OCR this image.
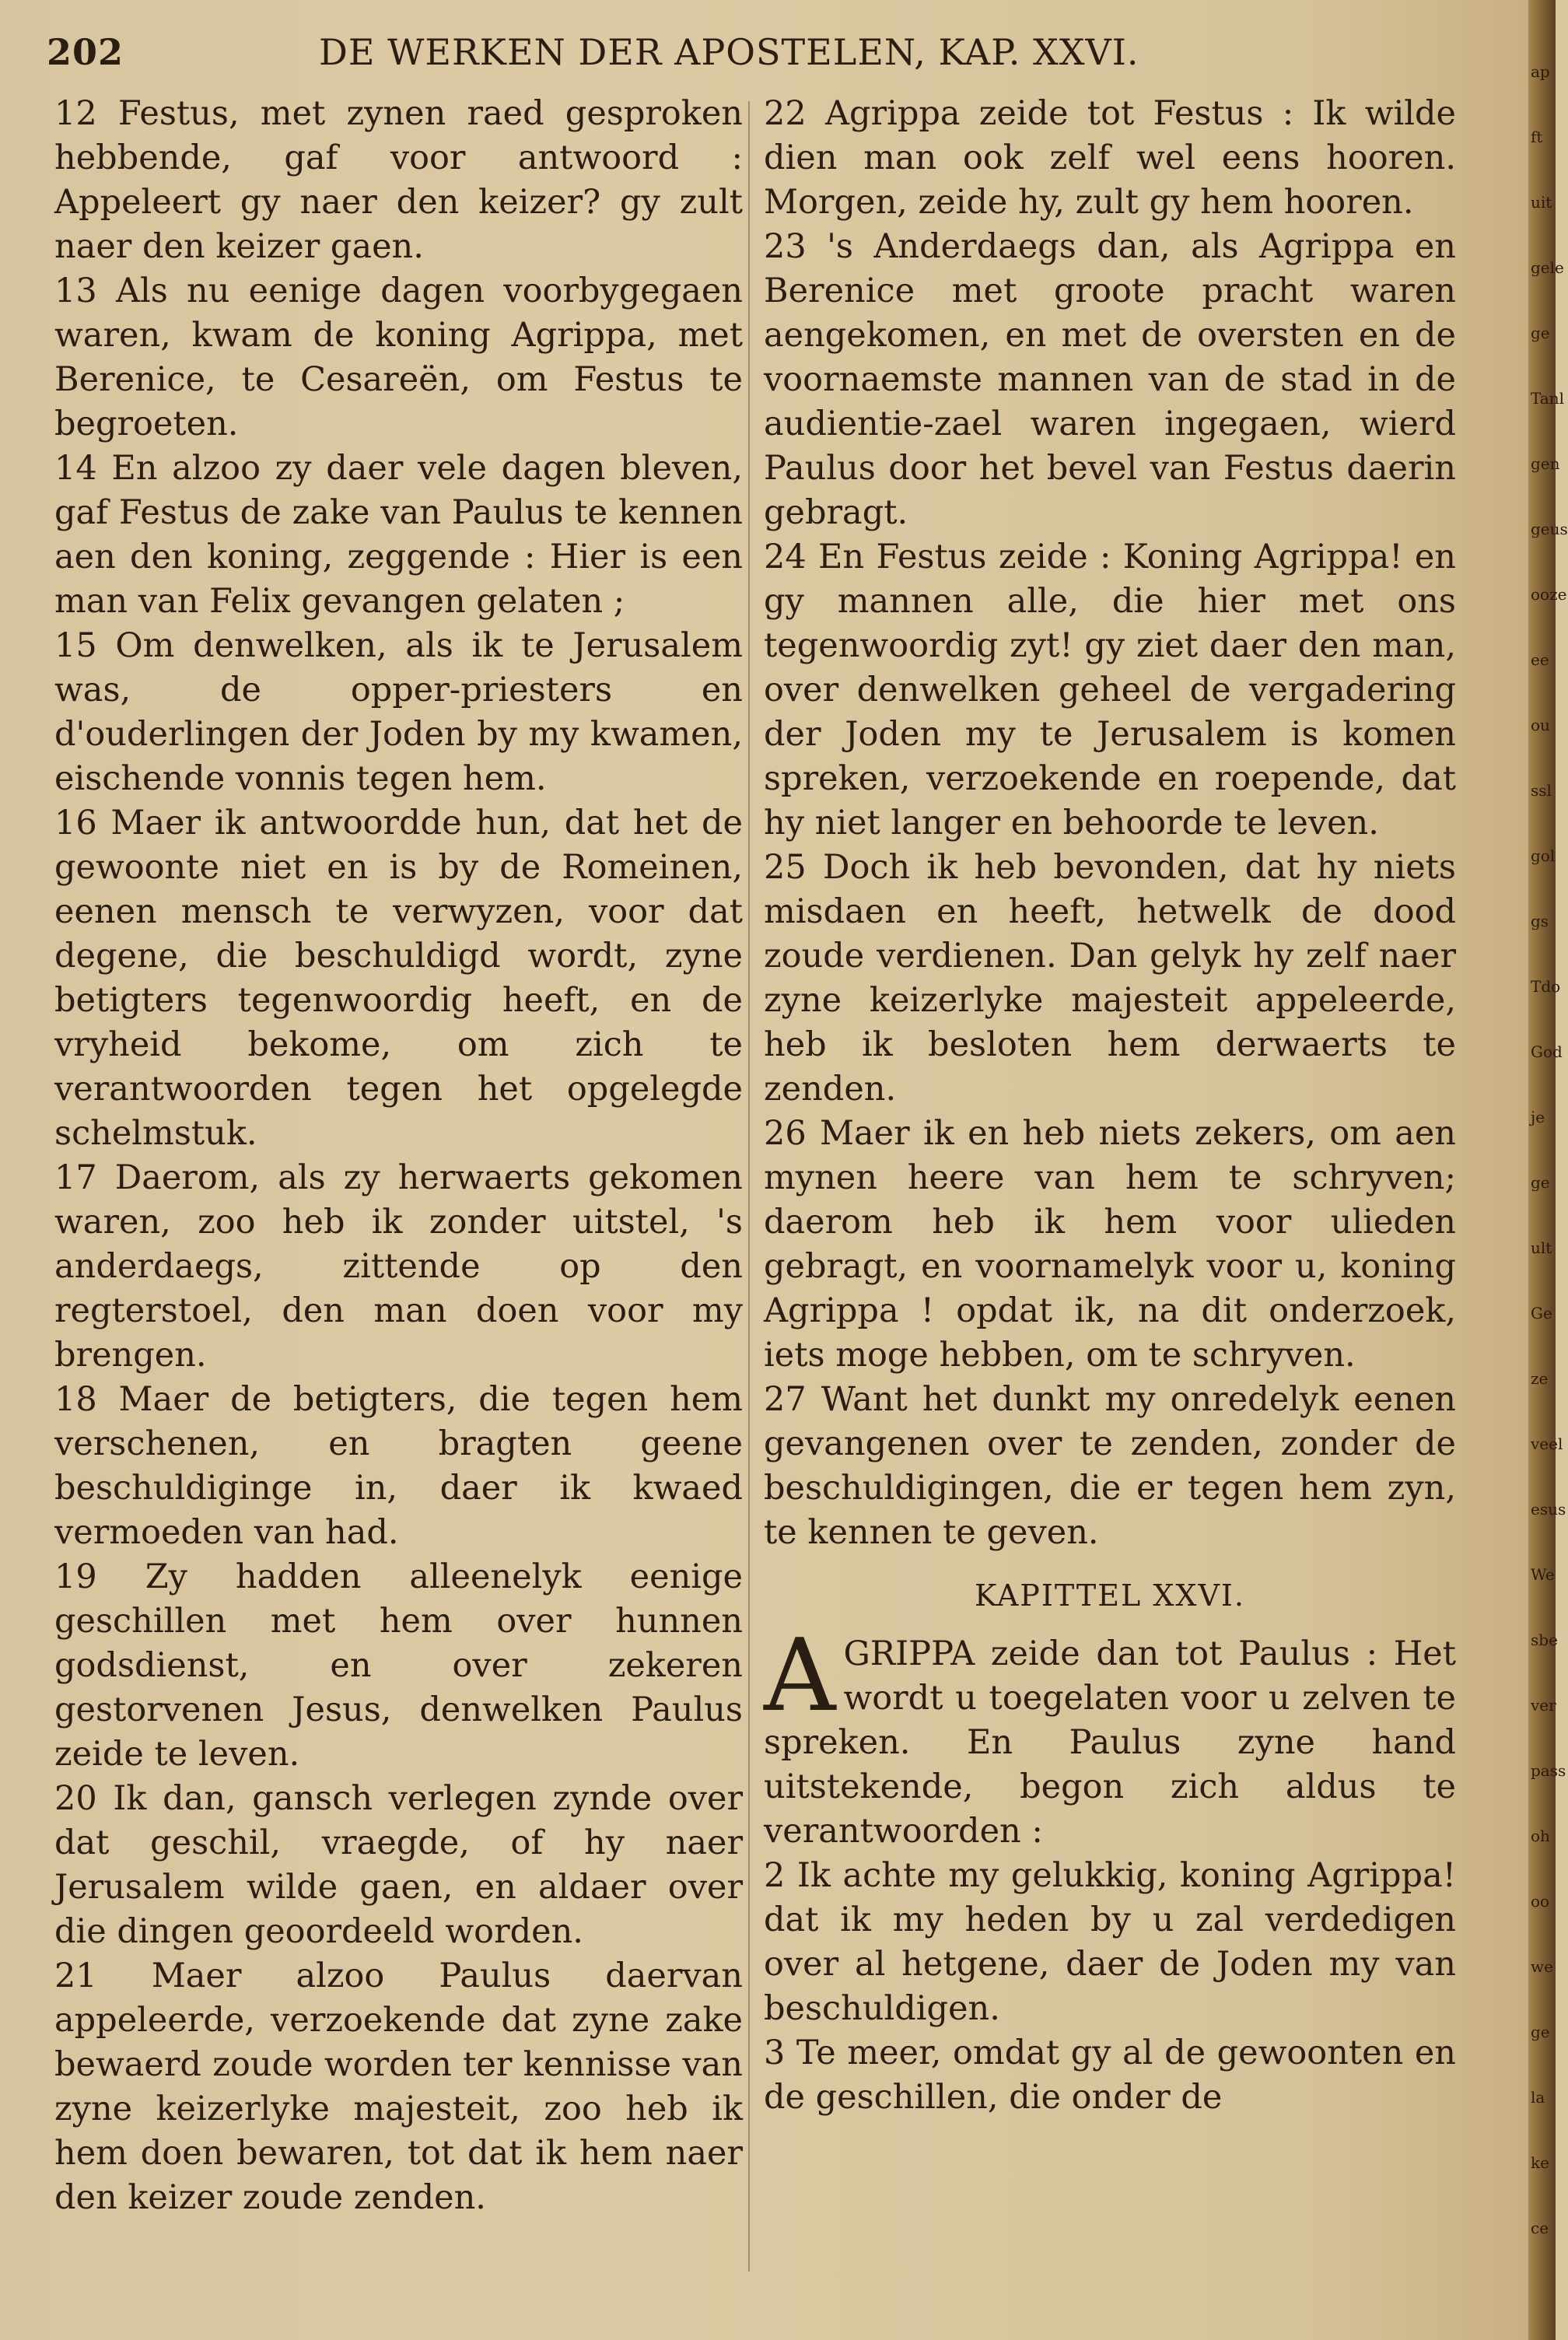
202	DE WERKEN DER APOSTELEN, KAP. XXVI.

12 Festus, met zynen raed gesproken hebbende, gaf voor antwoord : Appeleert gy naer den keizer? gy zult naer den keizer gaen.

13 Als nu eenige dagen voorbygegaen waren, kwam de koning Agrippa, met Berenice, te Cesareën, om Festus te begroeten.

14 En alzoo zy daer vele dagen bleven, gaf Festus de zake van Paulus te kennen aen den koning, zeggende : Hier is een man van Felix gevangen gelaten ;

15 Om denwelken, als ik te Jerusalem was, de opper-priesters en d'ouderlingen der Joden by my kwamen, eischende vonnis tegen hem.

16 Maer ik antwoordde hun, dat het de gewoonte niet en is by de Romeinen, eenen mensch te verwyzen, voor dat degene, die beschuldigd wordt, zyne betigters tegenwoordig heeft, en de vryheid bekome, om zich te verantwoorden tegen het opgelegde schelmstuk.

17 Daerom, als zy herwaerts gekomen waren, zoo heb ik zonder uitstel, 's anderdaegs, zittende op den regterstoel, den man doen voor my brengen.

18 Maer de betigters, die tegen hem verschenen, en bragten geene beschuldiginge in, daer ik kwaed vermoeden van had.

19 Zy hadden alleenelyk eenige geschillen met hem over hunnen godsdienst, en over zekeren gestorvenen Jesus, denwelken Paulus zeide te leven.

20 Ik dan, gansch verlegen zynde over dat geschil, vraegde, of hy naer Jerusalem wilde gaen, en aldaer over die dingen geoordeeld worden.

21 Maer alzoo Paulus daervan appeleerde, verzoekende dat zyne zake bewaerd zoude worden ter kennisse van zyne keizerlyke majesteit, zoo heb ik hem doen bewaren, tot dat ik hem naer den keizer zoude zenden.

22 Agrippa zeide tot Festus : Ik wilde dien man ook zelf wel eens hooren. Morgen, zeide hy, zult gy hem hooren.

23 's Anderdaegs dan, als Agrippa en Berenice met groote pracht waren aengekomen, en met de oversten en de voornaemste mannen van de stad in de audientie-zael waren ingegaen, wierd Paulus door het bevel van Festus daerin gebragt.

24 En Festus zeide : Koning Agrippa! en gy mannen alle, die hier met ons tegenwoordig zyt! gy ziet daer den man, over denwelken geheel de vergadering der Joden my te Jerusalem is komen spreken, verzoekende en roepende, dat hy niet langer en behoorde te leven.

25 Doch ik heb bevonden, dat hy niets misdaen en heeft, hetwelk de dood zoude verdienen. Dan gelyk hy zelf naer zyne keizerlyke majesteit appeleerde, heb ik besloten hem derwaerts te zenden.

26 Maer ik en heb niets zekers, om aen mynen heere van hem te schryven; daerom heb ik hem voor ulieden gebragt, en voornamelyk voor u, koning Agrippa ! opdat ik, na dit onderzoek, iets moge hebben, om te schryven.

27 Want het dunkt my onredelyk eenen gevangenen over te zenden, zonder de beschuldigingen, die er tegen hem zyn, te kennen te geven.

KAPITTEL XXVI.

AGRIPPA zeide dan tot Paulus : Het wordt u toegelaten voor u zelven te spreken. En Paulus zyne hand uitstekende, begon zich aldus te verantwoorden :

2 Ik achte my gelukkig, koning Agrippa! dat ik my heden by u zal verdedigen over al hetgene, daer de Joden my van beschuldigen.

3 Te meer, omdat gy al de gewoonten en de geschillen, die onder de

ap
ft
uit
gele
ge
Tanl
gen
geus
ooze
ee
ou
ssl
gol
gs
Tdo
God
je
ge
ult
Ge
ze
veel
esus
We
sbe
ver
pass
oh
oo
we
ge
la
ke
ce
